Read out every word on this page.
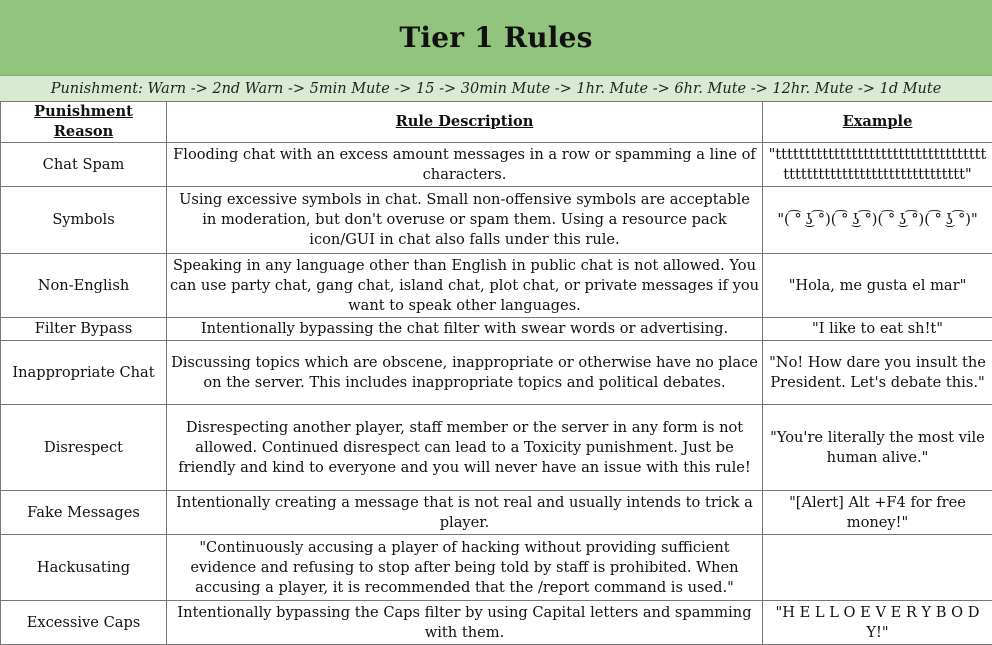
Tier 1 Rules
Punishment: Warn -> 2nd Warn -> 5min Mute -> 15 -> 30min Mute -> 1hr. Mute -> 6hr. Mute -> 12hr. Mute -> 1d Mute
Punishment Reason	Rule Description	Example
Chat Spam	Flooding chat with an excess amount messages in a row or spamming a line of characters.	"ttttttttttttttttttttttttttttttttttttttttttttttttttttttttttttttttttt"
Symbols	Using excessive symbols in chat. Small non-offensive symbols are acceptable in moderation, but don't overuse or spam them. Using a resource pack icon/GUI in chat also falls under this rule.	"( ͡° ͜ʖ ͡°)( ͡° ͜ʖ ͡°)( ͡° ͜ʖ ͡°)( ͡° ͜ʖ ͡°)"
Non-English	Speaking in any language other than English in public chat is not allowed. You can use party chat, gang chat, island chat, plot chat, or private messages if you want to speak other languages.	"Hola, me gusta el mar"
Filter Bypass	Intentionally bypassing the chat filter with swear words or advertising.	"I like to eat sh!t"
Inappropriate Chat	Discussing topics which are obscene, inappropriate or otherwise have no place on the server. This includes inappropriate topics and political debates.	"No! How dare you insult the President. Let's debate this."
Disrespect	Disrespecting another player, staff member or the server in any form is not allowed. Continued disrespect can lead to a Toxicity punishment. Just be friendly and kind to everyone and you will never have an issue with this rule!	"You're literally the most vile human alive."
Fake Messages	Intentionally creating a message that is not real and usually intends to trick a player.	"[Alert] Alt +F4 for free money!"
Hackusating	"Continuously accusing a player of hacking without providing sufficient evidence and refusing to stop after being told by staff is prohibited. When accusing a player, it is recommended that the /report command is used."	
Excessive Caps	Intentionally bypassing the Caps filter by using Capital letters and spamming with them.	"H E L L O E V E R Y B O D Y!"
